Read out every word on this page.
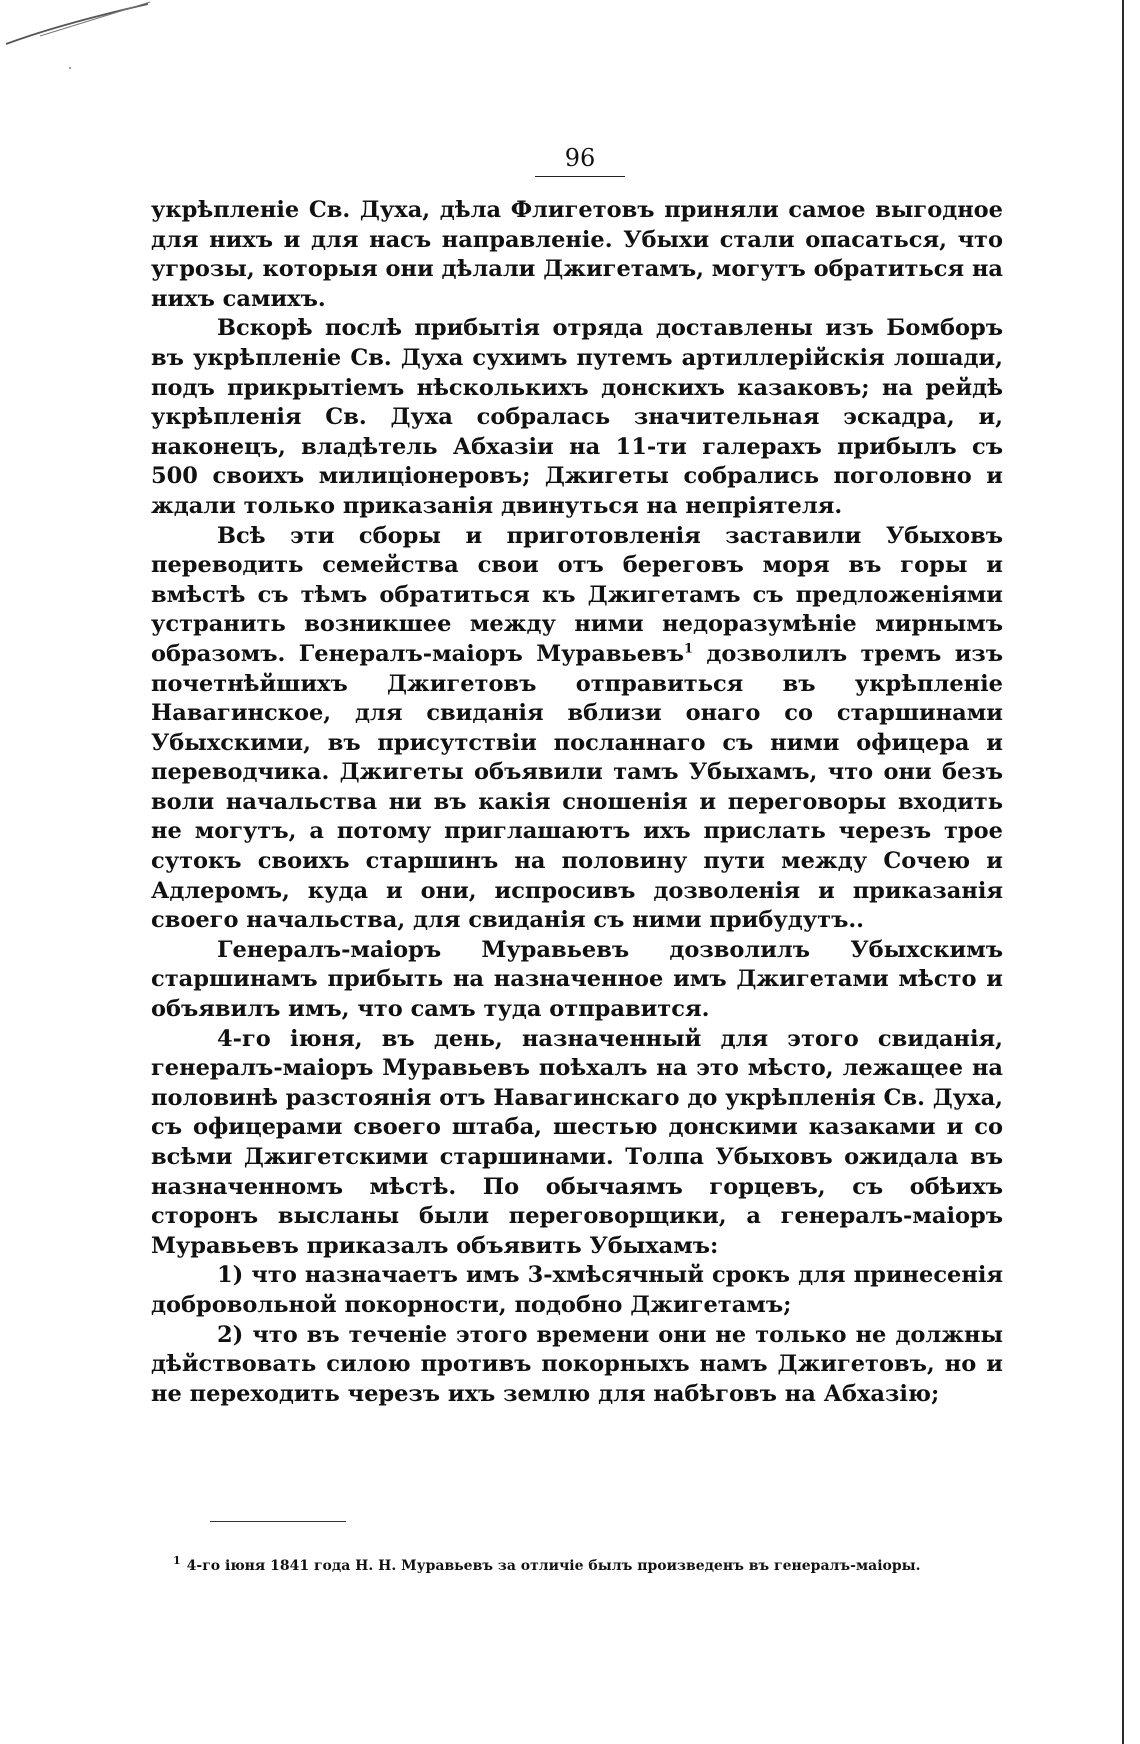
96

укрѣпленіе Св. Духа, дѣла Флигетовъ приняли самое выгодное для нихъ и для насъ направленіе. Убыхи стали опасаться, что угрозы, которыя они дѣлали Джигетамъ, могутъ обратиться на нихъ самихъ.

Вскорѣ послѣ прибытія отряда доставлены изъ Бомборъ въ укрѣпленіе Св. Духа сухимъ путемъ артиллерійскія лошади, подъ прикрытіемъ нѣсколькихъ донскихъ казаковъ; на рейдѣ укрѣпленія Св. Духа собралась значительная эскадра, и, наконецъ, владѣтель Абхазіи на 11-ти галерахъ прибылъ съ 500 своихъ милиціонеровъ; Джигеты собрались поголовно и ждали только приказанія двинуться на непріятеля.

Всѣ эти сборы и приготовленія заставили Убыховъ переводить семейства свои отъ береговъ моря въ горы и вмѣстѣ съ тѣмъ обратиться къ Джигетамъ съ предложеніями устранить возникшее между ними недоразумѣніе мирнымъ образомъ. Генералъ-маіоръ Муравьевъ$^1$ дозволилъ тремъ изъ почетнѣйшихъ Джигетовъ отправиться въ укрѣпленіе Навагинское, для свиданія вблизи онаго со старшинами Убыхскими, въ присутствіи посланнаго съ ними офицера и переводчика. Джигеты объявили тамъ Убыхамъ, что они безъ воли начальства ни въ какія сношенія и переговоры входить не могутъ, а потому приглашаютъ ихъ прислать черезъ трое сутокъ своихъ старшинъ на половину пути между Сочею и Адлеромъ, куда и они, испросивъ дозволенія и приказанія своего начальства, для свиданія съ ними прибудутъ..

Генералъ-маіоръ Муравьевъ дозволилъ Убыхскимъ старшинамъ прибыть на назначенное имъ Джигетами мѣсто и объявилъ имъ, что самъ туда отправится.

4-го іюня, въ день, назначенный для этого свиданія, генералъ-маіоръ Муравьевъ поѣхалъ на это мѣсто, лежащее на половинѣ разстоянія отъ Навагинскаго до укрѣпленія Св. Духа, съ офицерами своего штаба, шестью донскими казаками и со всѣми Джигетскими старшинами. Толпа Убыховъ ожидала въ назначенномъ мѣстѣ. По обычаямъ горцевъ, съ обѣихъ сторонъ высланы были переговорщики, а генералъ-маіоръ Муравьевъ приказалъ объявить Убыхамъ:

1) что назначаетъ имъ 3-хмѣсячный срокъ для принесенія добровольной покорности, подобно Джигетамъ;

2) что въ теченіе этого времени они не только не должны дѣйствовать силою противъ покорныхъ намъ Джигетовъ, но и не переходить черезъ ихъ землю для набѣговъ на Абхазію;

$^1$ 4-го іюня 1841 года Н. Н. Муравьевъ за отличіе былъ произведенъ въ генералъ-маіоры.
